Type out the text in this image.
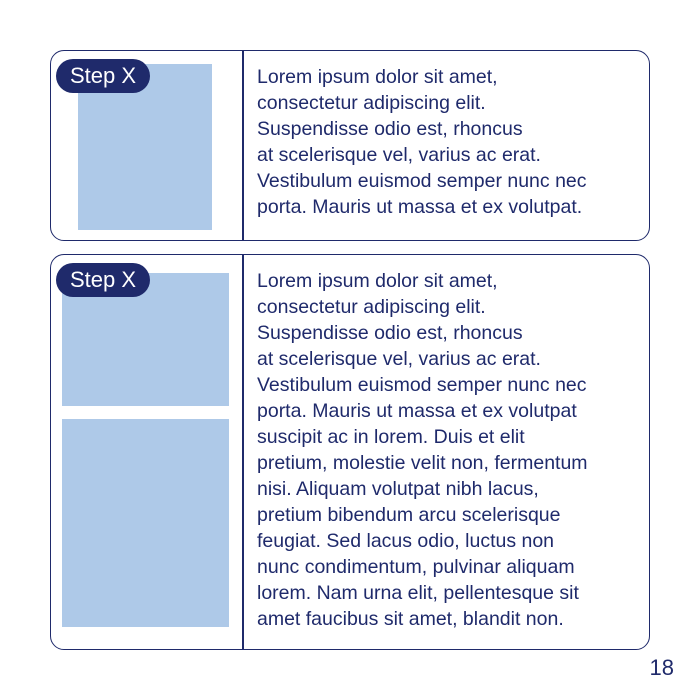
Step X	Lorem ipsum dolor sit amet,
consectetur adipiscing elit.
Suspendisse odio est, rhoncus
at scelerisque vel, varius ac erat.
Vestibulum euismod semper nunc nec
porta. Mauris ut massa et ex volutpat.

Step X	Lorem ipsum dolor sit amet,
consectetur adipiscing elit.
Suspendisse odio est, rhoncus
at scelerisque vel, varius ac erat.
Vestibulum euismod semper nunc nec
porta. Mauris ut massa et ex volutpat
suscipit ac in lorem. Duis et elit
pretium, molestie velit non, fermentum
nisi. Aliquam volutpat nibh lacus,
pretium bibendum arcu scelerisque
feugiat. Sed lacus odio, luctus non
nunc condimentum, pulvinar aliquam
lorem. Nam urna elit, pellentesque sit
amet faucibus sit amet, blandit non.

18
